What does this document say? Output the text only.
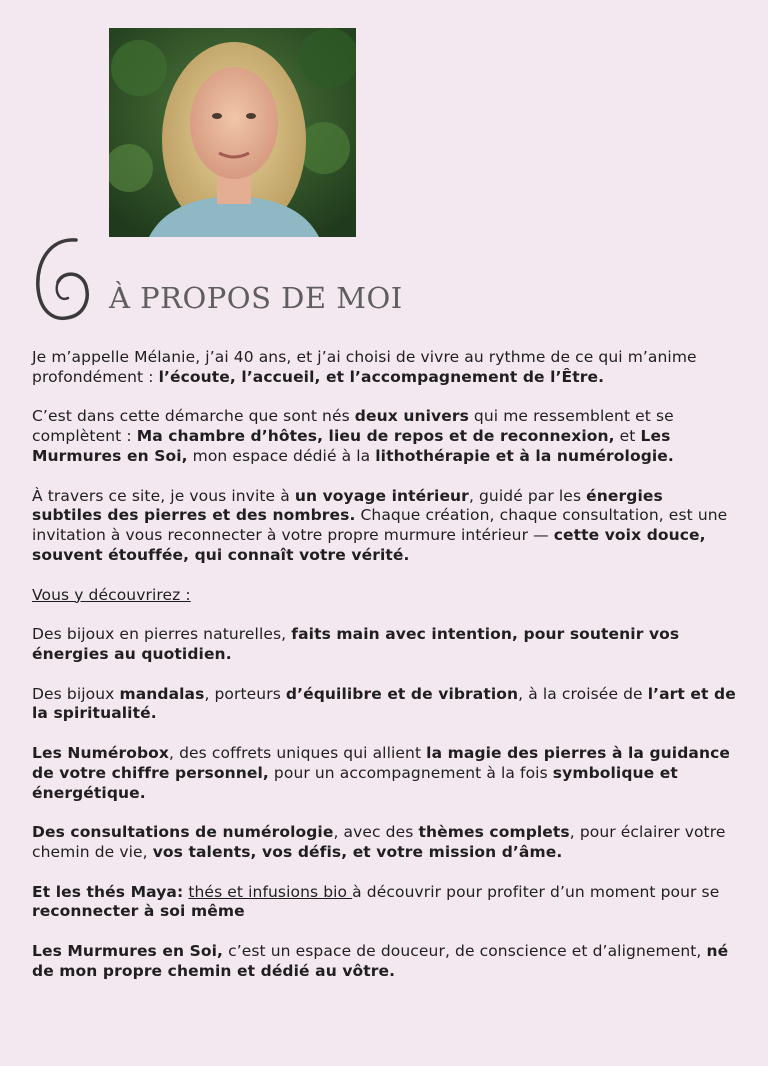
À PROPOS DE MOI

Je m’appelle Mélanie, j’ai 40 ans, et j’ai choisi de vivre au rythme de ce qui m’anime profondément : l’écoute, l’accueil, et l’accompagnement de l’Être.

C’est dans cette démarche que sont nés deux univers qui me ressemblent et se complètent : Ma chambre d’hôtes, lieu de repos et de reconnexion, et Les Murmures en Soi, mon espace dédié à la lithothérapie et à la numérologie.

À travers ce site, je vous invite à un voyage intérieur, guidé par les énergies subtiles des pierres et des nombres. Chaque création, chaque consultation, est une invitation à vous reconnecter à votre propre murmure intérieur — cette voix douce, souvent étouffée, qui connaît votre vérité.

Vous y découvrirez :

Des bijoux en pierres naturelles, faits main avec intention, pour soutenir vos énergies au quotidien.

Des bijoux mandalas, porteurs d’équilibre et de vibration, à la croisée de l’art et de la spiritualité.

Les Numérobox, des coffrets uniques qui allient la magie des pierres à la guidance de votre chiffre personnel, pour un accompagnement à la fois symbolique et énergétique.

Des consultations de numérologie, avec des thèmes complets, pour éclairer votre chemin de vie, vos talents, vos défis, et votre mission d’âme.

Et les thés Maya: thés et infusions bio à découvrir pour profiter d’un moment pour se reconnecter à soi même

Les Murmures en Soi, c’est un espace de douceur, de conscience et d’alignement, né de mon propre chemin et dédié au vôtre.
